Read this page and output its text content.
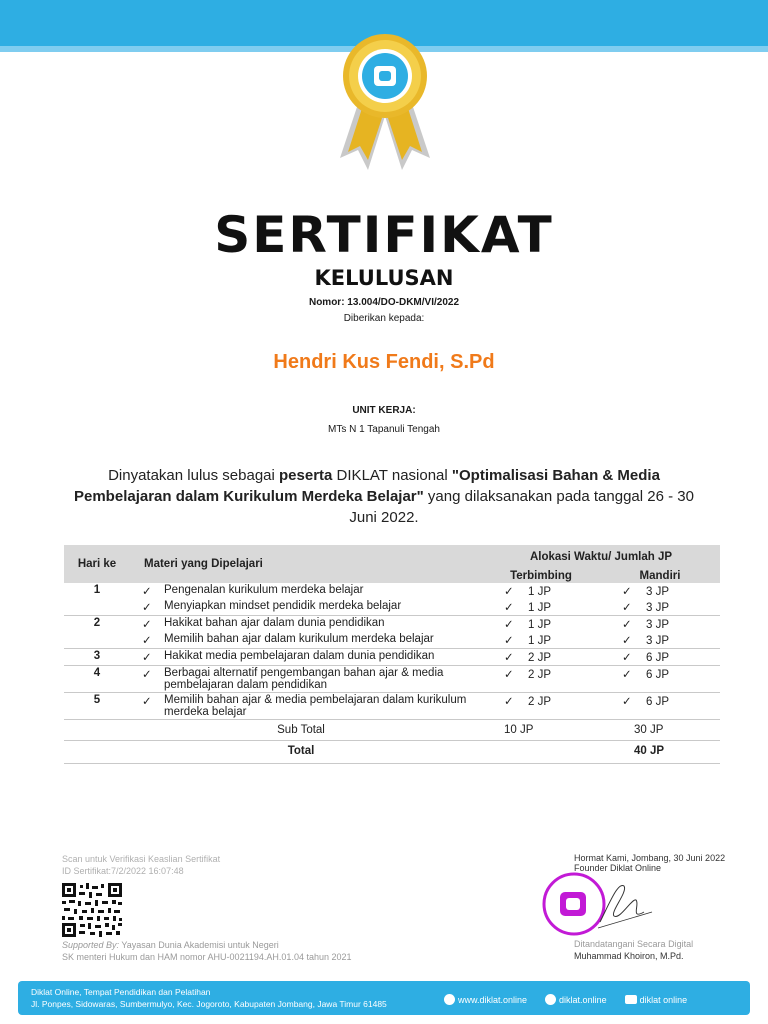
SERTIFIKAT
KELULUSAN
Nomor: 13.004/DO-DKM/VI/2022
Diberikan kepada:
Hendri Kus Fendi, S.Pd
UNIT KERJA:
MTs N 1 Tapanuli Tengah
Dinyatakan lulus sebagai peserta DIKLAT nasional "Optimalisasi Bahan & Media Pembelajaran dalam Kurikulum Merdeka Belajar" yang dilaksanakan pada tanggal 26 - 30 Juni 2022.
Hari ke	Materi yang Dipelajari	Alokasi Waktu/ Jumlah JP	
		Terbimbing	Mandiri
1	✓ Pengenalan kurikulum merdeka belajar	✓ 1 JP	✓ 3 JP

	✓ Menyiapkan mindset pendidik merdeka belajar	✓ 1 JP	✓ 3 JP
2	✓ Hakikat bahan ajar dalam dunia pendidikan	✓ 1 JP	✓ 3 JP

	✓ Memilih bahan ajar dalam kurikulum merdeka belajar	✓ 1 JP	✓ 3 JP
3	✓ Hakikat media pembelajaran dalam dunia pendidikan	✓ 2 JP	✓ 6 JP
4	✓ Berbagai alternatif pengembangan bahan ajar & media pembelajaran dalam pendidikan	✓ 2 JP	✓ 6 JP
5	✓ Memilih bahan ajar & media pembelajaran dalam kurikulum merdeka belajar	✓ 2 JP	✓ 6 JP
Sub Total		10 JP	30 JP
Total			40 JP
Scan untuk Verifikasi Keaslian Sertifikat
ID Sertifikat:7/2/2022 16:07:48
Supported By: Yayasan Dunia Akademisi untuk Negeri
SK menteri Hukum dan HAM nomor AHU-0021194.AH.01.04 tahun 2021
Hormat Kami, Jombang, 30 Juni 2022
Founder Diklat Online
Ditandatangani Secara Digital
Muhammad Khoiron, M.Pd.
Diklat Online, Tempat Pendidikan dan Pelatihan
Jl. Ponpes, Sidowaras, Sumbermulyo, Kec. Jogoroto, Kabupaten Jombang, Jawa Timur 61485	www.diklat.online	diklat.online	diklat online
